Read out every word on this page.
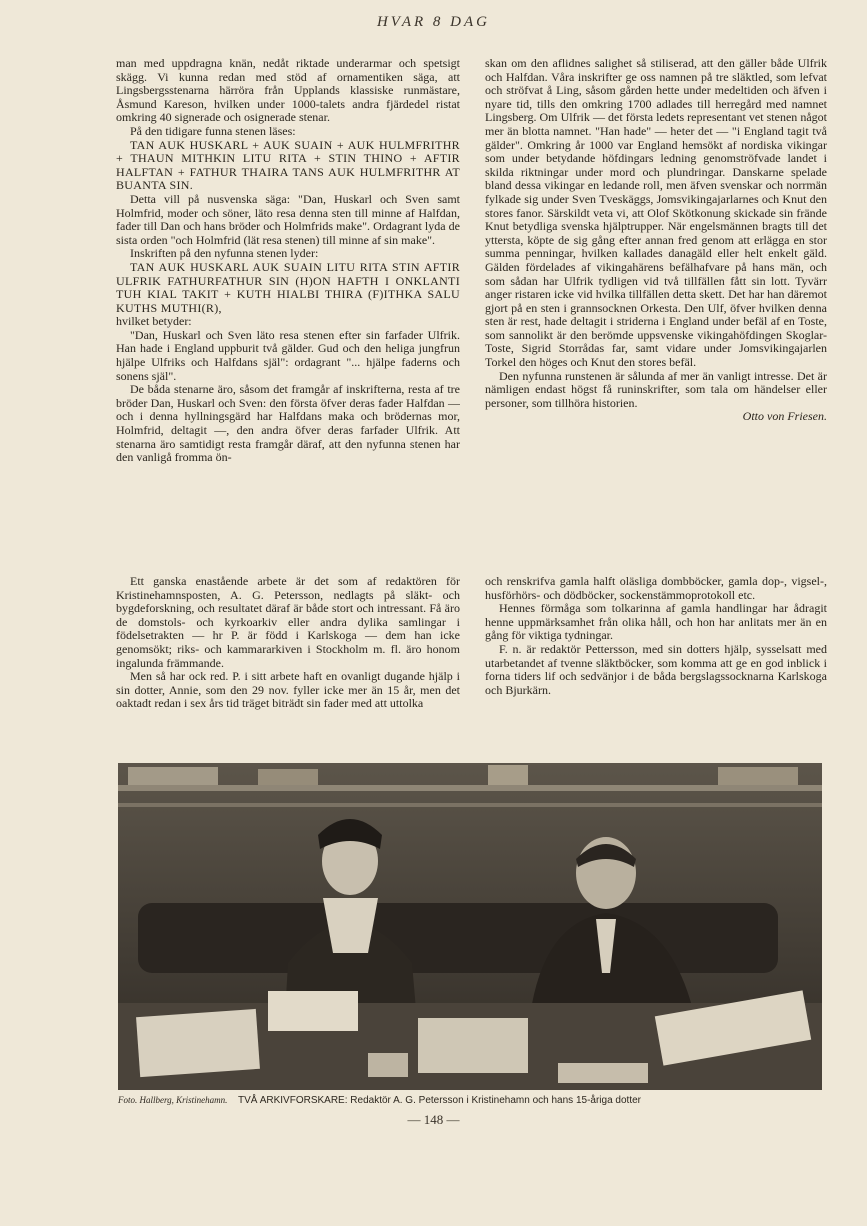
HVAR 8 DAG

man med uppdragna knän, nedåt riktade underarmar och spetsigt skägg. Vi kunna redan med stöd af ornamentiken säga, att Lingsbergsstenarna härröra från Upplands klassiske runmästare, Åsmund Kareson, hvilken under 1000-talets andra fjärdedel ristat omkring 40 signerade och osignerade stenar.

På den tidigare funna stenen läses:

TAN AUK HUSKARL + AUK SUAIN + AUK HULMFRITHR + THAUN MITHKIN LITU RITA + STIN THINO + AFTIR HALFTAN + FATHUR THAIRA TANS AUK HULMFRITHR AT BUANTA SIN.

Detta vill på nusvenska säga: "Dan, Huskarl och Sven samt Holmfrid, moder och söner, läto resa denna sten till minne af Halfdan, fader till Dan och hans bröder och Holmfrids make". Ordagrant lyda de sista orden "och Holmfrid (lät resa stenen) till minne af sin make".

Inskriften på den nyfunna stenen lyder:

TAN AUK HUSKARL AUK SUAIN LITU RITA STIN AFTIR ULFRIK FATHURFATHUR SIN (H)ON HAFTH I ONKLANTI TUH KIAL TAKIT + KUTH HIALBI THIRA (F)ITHKA SALU KUTHS MUTHI(R),

hvilket betyder:

"Dan, Huskarl och Sven läto resa stenen efter sin farfader Ulfrik. Han hade i England uppburit två gälder. Gud och den heliga jungfrun hjälpe Ulfriks och Halfdans själ": ordagrant "... hjälpe faderns och sonens själ".

De båda stenarne äro, såsom det framgår af inskrifterna, resta af tre bröder Dan, Huskarl och Sven: den första öfver deras fader Halfdan — och i denna hyllningsgärd har Halfdans maka och brödernas mor, Holmfrid, deltagit —, den andra öfver deras farfader Ulfrik. Att stenarna äro samtidigt resta framgår däraf, att den nyfunna stenen har den vanligå fromma ön-

skan om den aflidnes salighet så stiliserad, att den gäller både Ulfrik och Halfdan. Våra inskrifter ge oss namnen på tre släktled, som lefvat och ströfvat å Ling, såsom gården hette under medeltiden och äfven i nyare tid, tills den omkring 1700 adlades till herregård med namnet Lingsberg. Om Ulfrik — det första ledets representant vet stenen något mer än blotta namnet. "Han hade" — heter det — "i England tagit två gälder". Omkring år 1000 var England hemsökt af nordiska vikingar som under betydande höfdingars ledning genomströfvade landet i skilda riktningar under mord och plundringar. Danskarne spelade bland dessa vikingar en ledande roll, men äfven svenskar och norrmän fylkade sig under Sven Tveskäggs, Jomsvikingajarlarnes och Knut den stores fanor. Särskildt veta vi, att Olof Skötkonung skickade sin frände Knut betydliga svenska hjälptrupper. När engelsmännen bragts till det yttersta, köpte de sig gång efter annan fred genom att erlägga en stor summa penningar, hvilken kallades danagäld eller helt enkelt gäld. Gälden fördelades af vikingahärens befälhafvare på hans män, och som sådan har Ulfrik tydligen vid två tillfällen fått sin lott. Tyvärr anger ristaren icke vid hvilka tillfällen detta skett. Det har han däremot gjort på en sten i grannsocknen Orkesta. Den Ulf, öfver hvilken denna sten är rest, hade deltagit i striderna i England under befäl af en Toste, som sannolikt är den berömde uppsvenske vikingahöfdingen Skoglar-Toste, Sigrid Storrådas far, samt vidare under Jomsvikingajarlen Torkel den höges och Knut den stores befäl.

Den nyfunna runstenen är sålunda af mer än vanligt intresse. Det är nämligen endast högst få runinskrifter, som tala om händelser eller personer, som tillhöra historien.

Otto von Friesen.

Ett ganska enastående arbete är det som af redaktören för Kristinehamnsposten, A. G. Petersson, nedlagts på släkt- och bygdeforskning, och resultatet däraf är både stort och intressant. Få äro de domstols- och kyrkoarkiv eller andra dylika samlingar i födelsetrakten — hr P. är född i Karlskoga — dem han icke genomsökt; riks- och kammararkiven i Stockholm m. fl. äro honom ingalunda främmande.

Men så har ock red. P. i sitt arbete haft en ovanligt dugande hjälp i sin dotter, Annie, som den 29 nov. fyller icke mer än 15 år, men det oaktadt redan i sex års tid träget biträdt sin fader med att uttolka

och renskrifva gamla halft oläsliga dombböcker, gamla dop-, vigsel-, husförhörs- och dödböcker, sockenstämmoprotokoll etc.

Hennes förmåga som tolkarinna af gamla handlingar har ådragit henne uppmärksamhet från olika håll, och hon har anlitats mer än en gång för viktiga tydningar.

F. n. är redaktör Pettersson, med sin dotters hjälp, sysselsatt med utarbetandet af tvenne släktböcker, som komma att ge en god inblick i forna tiders lif och sedvänjor i de båda bergslagssocknarna Karlskoga och Bjurkärn.

Foto. Hallberg, Kristinehamn. TVÅ ARKIVFORSKARE: Redaktör A. G. Petersson i Kristinehamn och hans 15-åriga dotter
— 148 —
